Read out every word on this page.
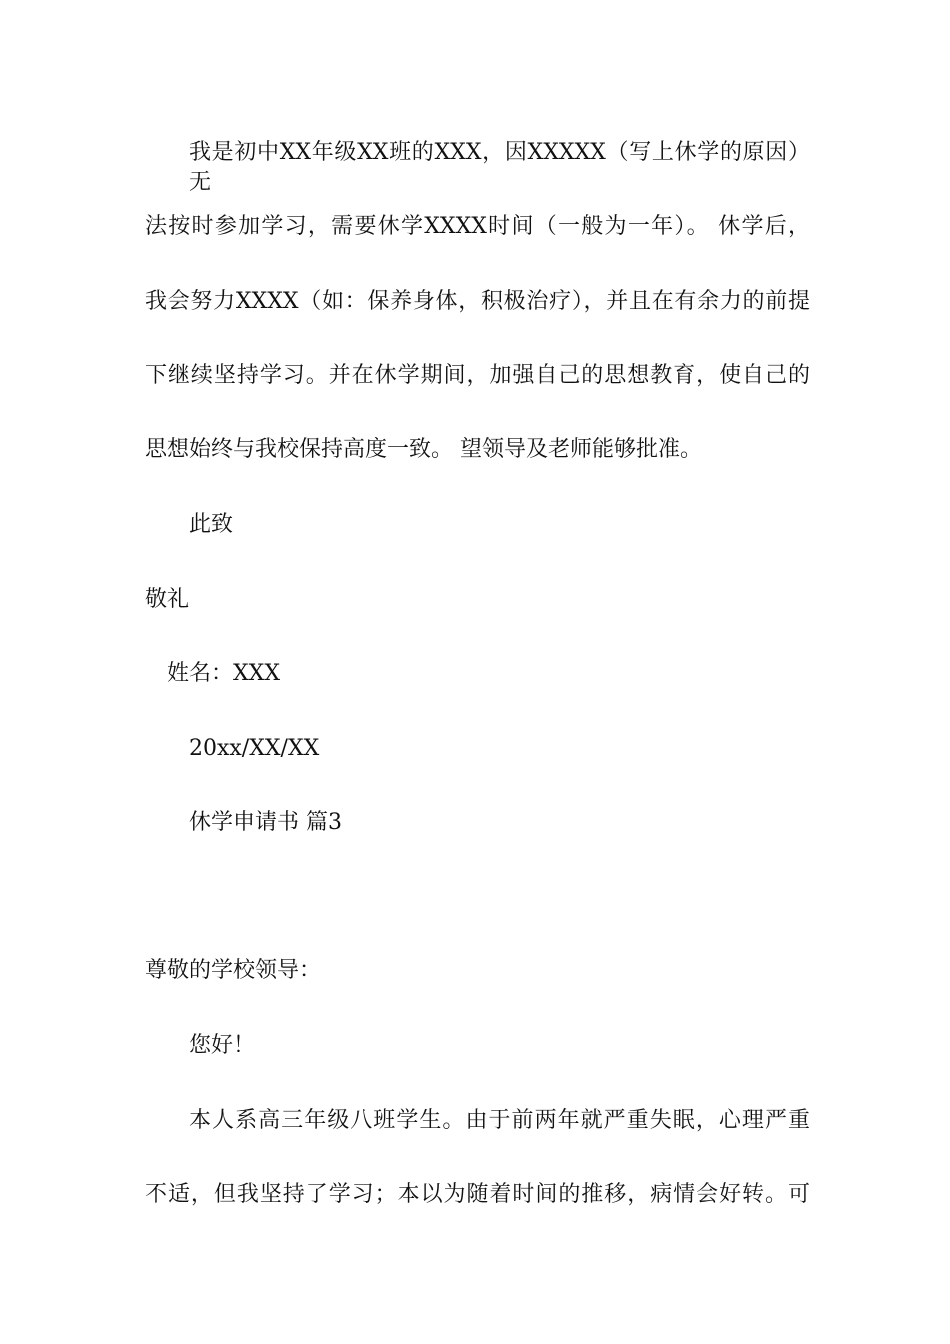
我是初中XX年级XX班的XXX，因XXXXX（写上休学的原因）无
法按时参加学习，需要休学XXXX时间（一般为一年）。 休学后，
我会努力XXXX（如：保养身体，积极治疗），并且在有余力的前提
下继续坚持学习。并在休学期间，加强自己的思想教育，使自己的
思想始终与我校保持高度一致。 望领导及老师能够批准。
此致
敬礼
姓名：XXX
20xx/XX/XX
休学申请书 篇3
尊敬的学校领导：
您好！
本人系高三年级八班学生。由于前两年就严重失眠，心理严重
不适，但我坚持了学习；本以为随着时间的推移，病情会好转。可
